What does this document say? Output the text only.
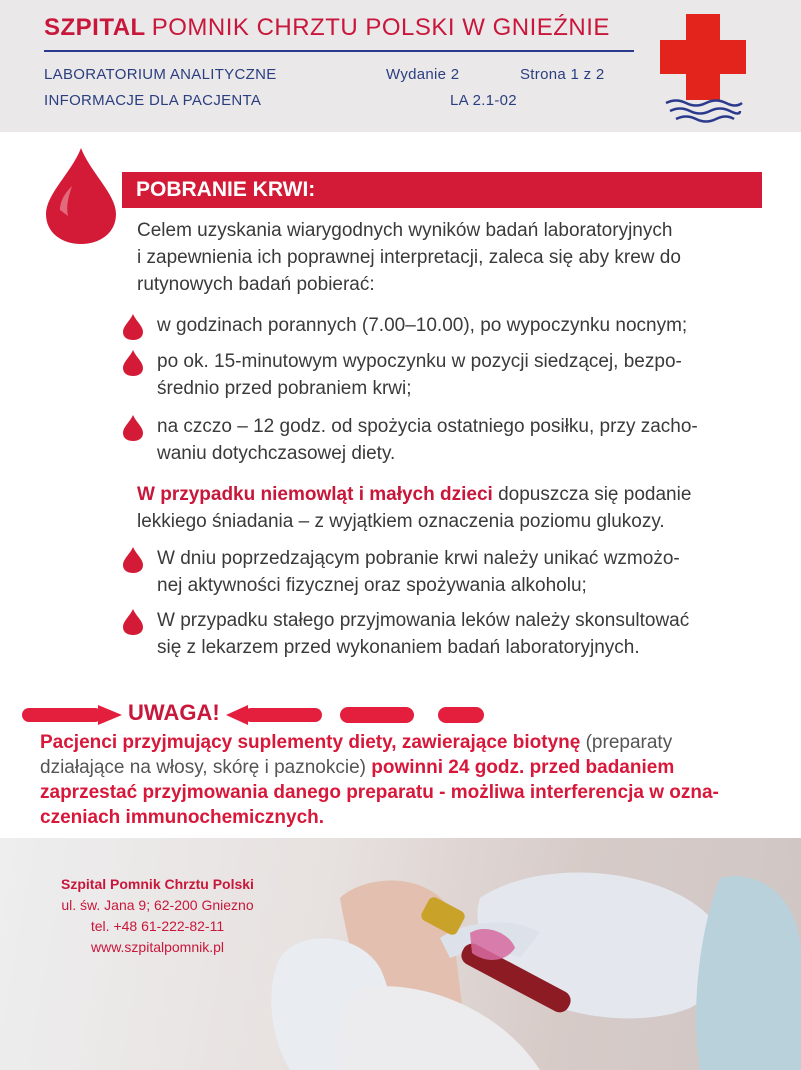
SZPITAL POMNIK CHRZTU POLSKI W GNIEŹNIE
LABORATORIUM ANALITYCZNE
INFORMACJE DLA PACJENTA
Wydanie 2	Strona 1 z 2
LA 2.1-02
POBRANIE KRWI:
Celem uzyskania wiarygodnych wyników badań laboratoryjnych
i zapewnienia ich poprawnej interpretacji, zaleca się aby krew do
rutynowych badań pobierać:
w godzinach porannych (7.00–10.00), po wypoczynku nocnym;
po ok. 15-minutowym wypoczynku w pozycji siedzącej, bezpo-
średnio przed pobraniem krwi;
na czczo – 12 godz. od spożycia ostatniego posiłku, przy zacho-
waniu dotychczasowej diety.
W przypadku niemowląt i małych dzieci dopuszcza się podanie
lekkiego śniadania – z wyjątkiem oznaczenia poziomu glukozy.
W dniu poprzedzającym pobranie krwi należy unikać wzmożo-
nej aktywności fizycznej oraz spożywania alkoholu;
W przypadku stałego przyjmowania leków należy skonsultować
się z lekarzem przed wykonaniem badań laboratoryjnych.
UWAGA!
Pacjenci przyjmujący suplementy diety, zawierające biotynę (preparaty
działające na włosy, skórę i paznokcie) powinni 24 godz. przed badaniem
zaprzestać przyjmowania danego preparatu - możliwa interferencja w ozna-
czeniach immunochemicznych.
Szpital Pomnik Chrztu Polski
ul. św. Jana 9; 62-200 Gniezno
tel. +48 61-222-82-11
www.szpitalpomnik.pl
